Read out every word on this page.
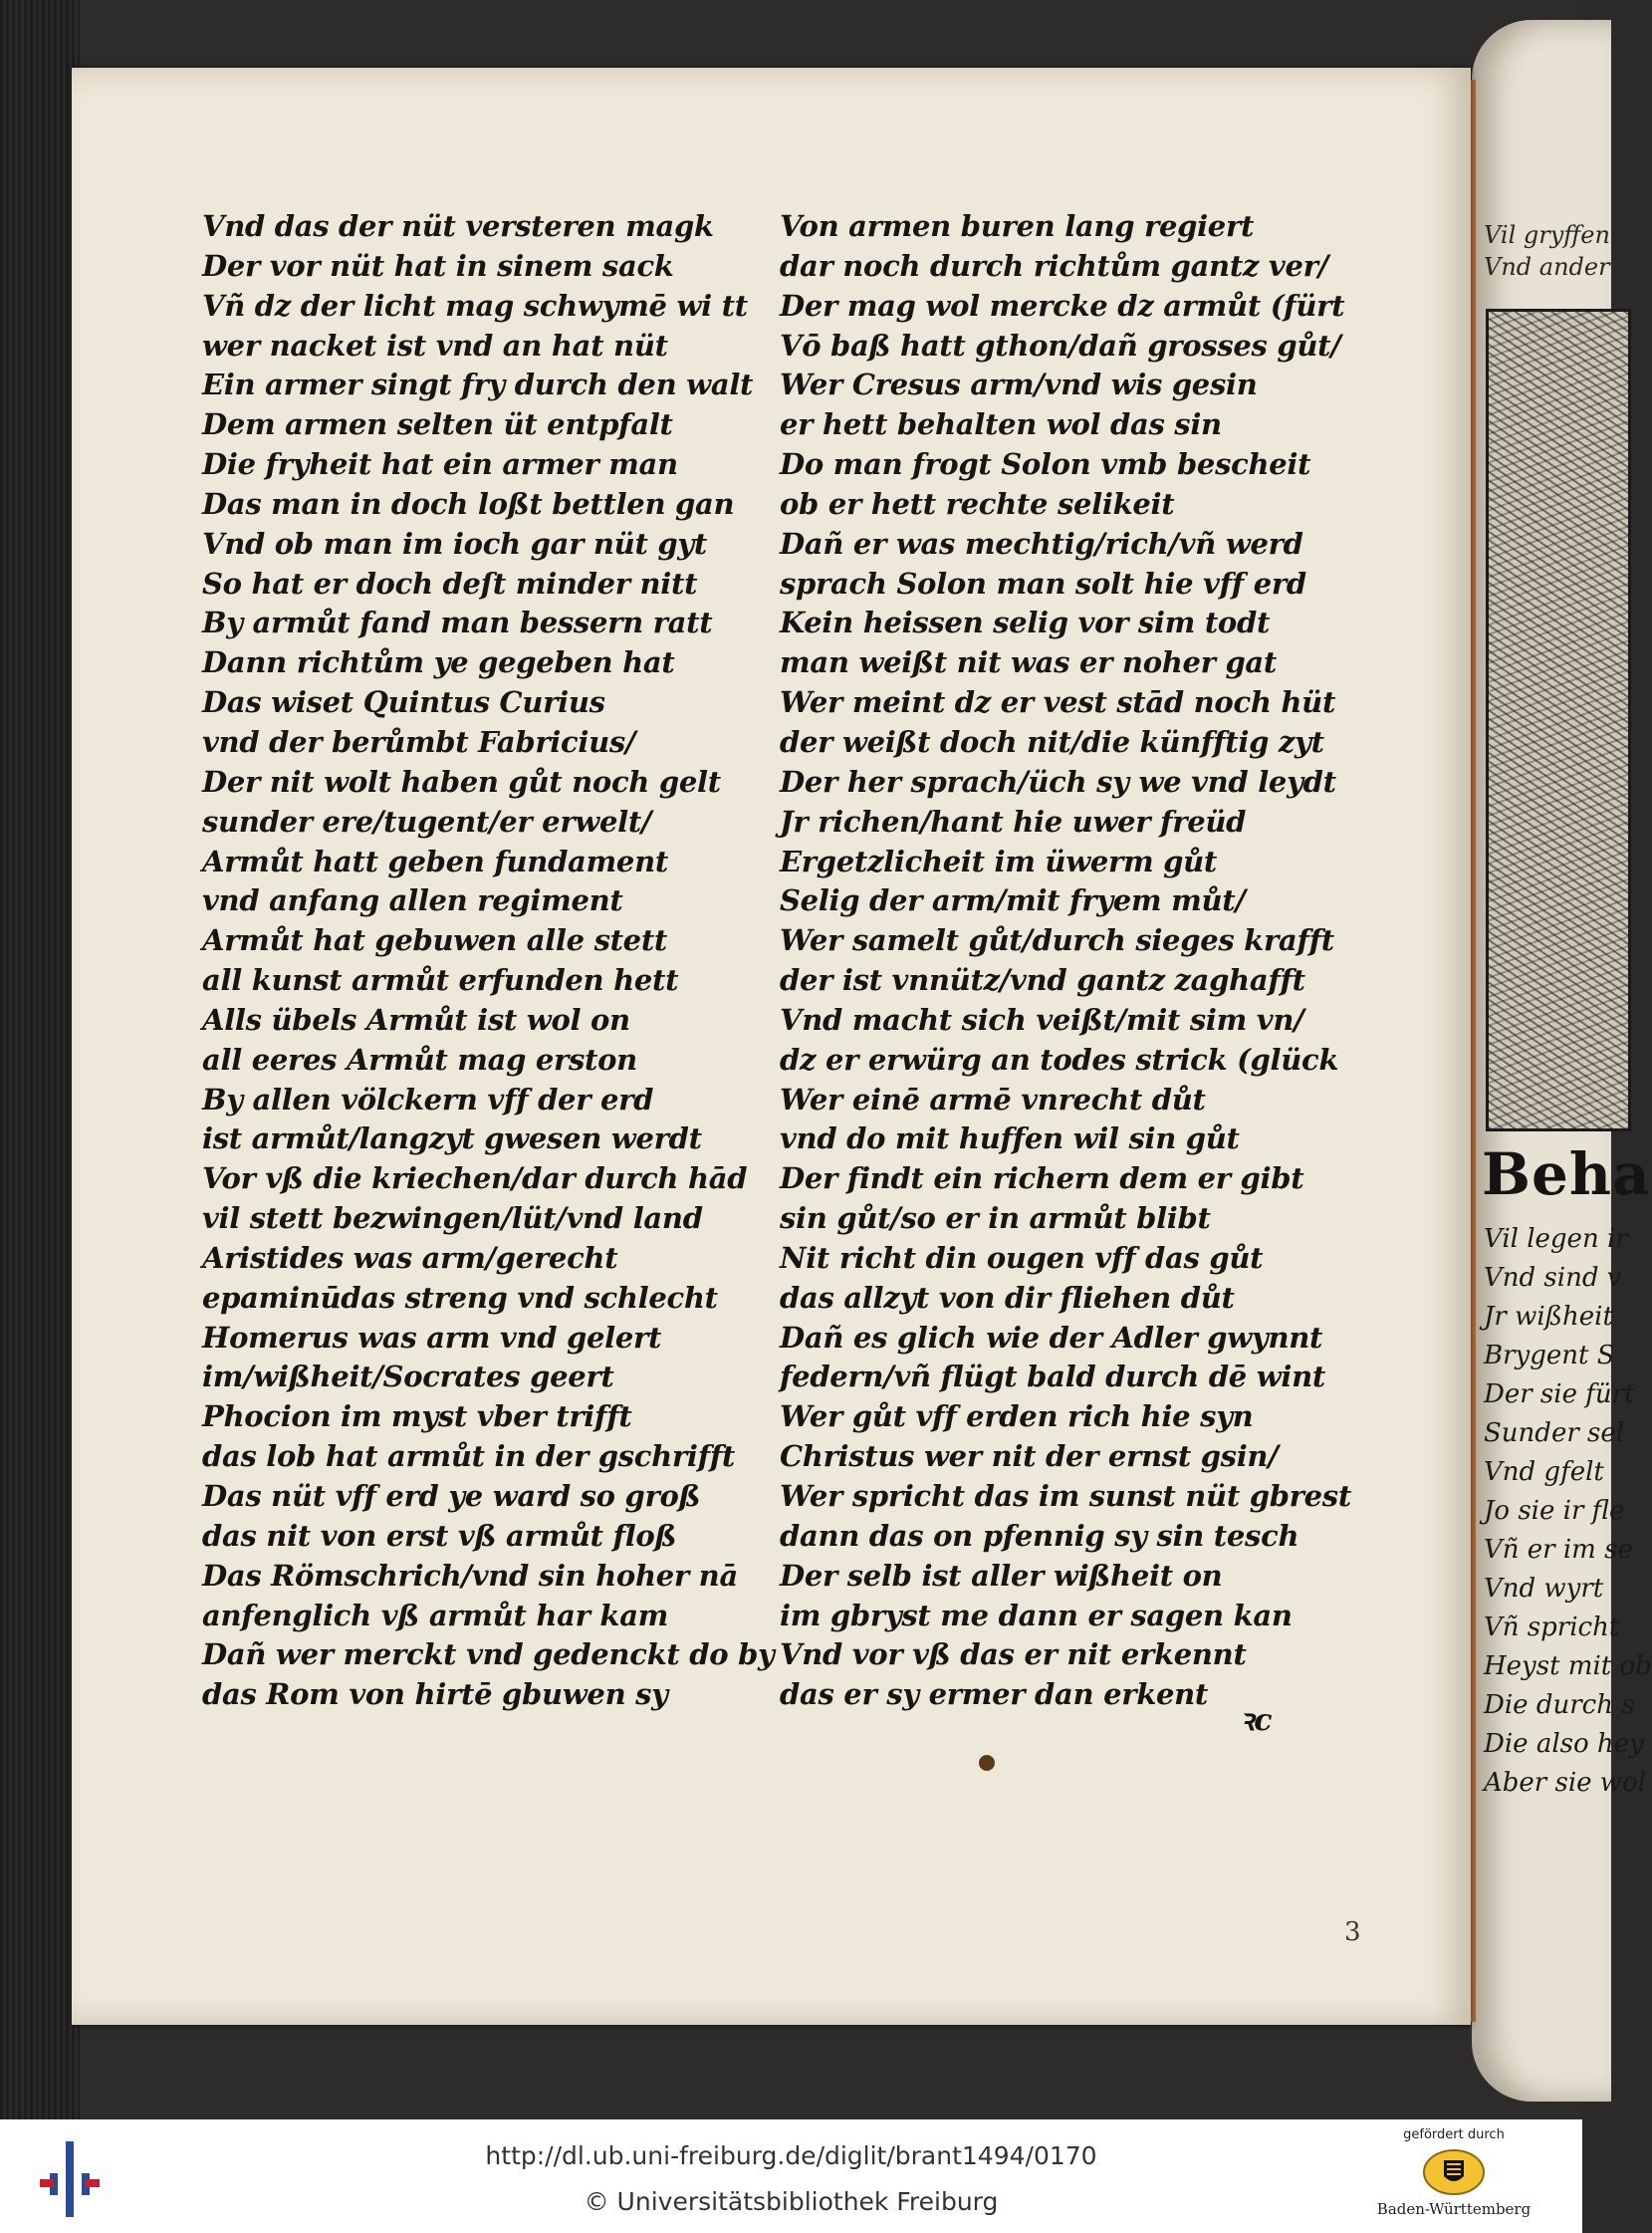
Vil gryffen
Vnd ander
Beha
Vil legen ir
Vnd sind v
Jr wißheit
Brygent S
Der sie fürt
Sunder sel
Vnd gfelt
Jo sie ir fle
Vñ er im se
Vnd wyrt
Vñ spricht
Heyst mit ob
Die durch s
Die also hey
Aber sie wol
Vnd das der nüt versteren magk
Der vor nüt hat in sinem sack
Vñ dz der licht mag schwymē wi tt
wer nacket ist vnd an hat nüt
Ein armer singt fry durch den walt
Dem armen selten üt entpfalt
Die fryheit hat ein armer man
Das man in doch loßt bettlen gan
Vnd ob man im ioch gar nüt gyt
So hat er doch deſt minder nitt
By armůt fand man bessern ratt
Dann richtům ye gegeben hat
Das wiset Quintus Curius
vnd der berůmbt Fabricius/
Der nit wolt haben gůt noch gelt
sunder ere/tugent/er erwelt/
Armůt hatt geben fundament
vnd anfang allen regiment
Armůt hat gebuwen alle stett
all kunst armůt erfunden hett
Alls übels Armůt ist wol on
all eeres Armůt mag erston
By allen völckern vff der erd
ist armůt/langzyt gwesen werdt
Vor vß die kriechen/dar durch hād
vil stett bezwingen/lüt/vnd land
Aristides was arm/gerecht
epaminūdas streng vnd schlecht
Homerus was arm vnd gelert
im/wißheit/Socrates geert
Phocion im myst vber trifft
das lob hat armůt in der gschrifft
Das nüt vff erd ye ward so groß
das nit von erst vß armůt floß
Das Römschrich/vnd sin hoher nā
anfenglich vß armůt har kam
Dañ wer merckt vnd gedenckt do by
das Rom von hirtē gbuwen sy
Von armen buren lang regiert
dar noch durch richtům gantz ver/
Der mag wol mercke dz armůt (fürt
Vō baß hatt gthon/dañ grosses gůt/
Wer Cresus arm/vnd wis gesin
er hett behalten wol das sin
Do man frogt Solon vmb bescheit
ob er hett rechte selikeit
Dañ er was mechtig/rich/vñ werd
sprach Solon man solt hie vff erd
Kein heissen selig vor sim todt
man weißt nit was er noher gat
Wer meint dz er vest stād noch hüt
der weißt doch nit/die künfftig zyt
Der her sprach/üch sy we vnd leydt
Jr richen/hant hie uwer freüd
Ergetzlicheit im üwerm gůt
Selig der arm/mit fryem můt/
Wer samelt gůt/durch sieges krafft
der ist vnnütz/vnd gantz zaghafft
Vnd macht sich veißt/mit sim vn/
dz er erwürg an todes strick (glück
Wer einē armē vnrecht důt
vnd do mit huffen wil sin gůt
Der findt ein richern dem er gibt
sin gůt/so er in armůt blibt
Nit richt din ougen vff das gůt
das allzyt von dir fliehen důt
Dañ es glich wie der Adler gwynnt
federn/vñ flügt bald durch dē wint
Wer gůt vff erden rich hie syn
Christus wer nit der ernst gsin/
Wer spricht das im sunst nüt gbrest
dann das on pfennig sy sin tesch
Der selb ist aller wißheit on
im gbryst me dann er sagen kan
Vnd vor vß das er nit erkennt
das er sy ermer dan erkent
ꝛc
3
http://dl.ub.uni-freiburg.de/diglit/brant1494/0170
© Universitätsbibliothek Freiburg
gefördert durch
Baden-Württemberg
